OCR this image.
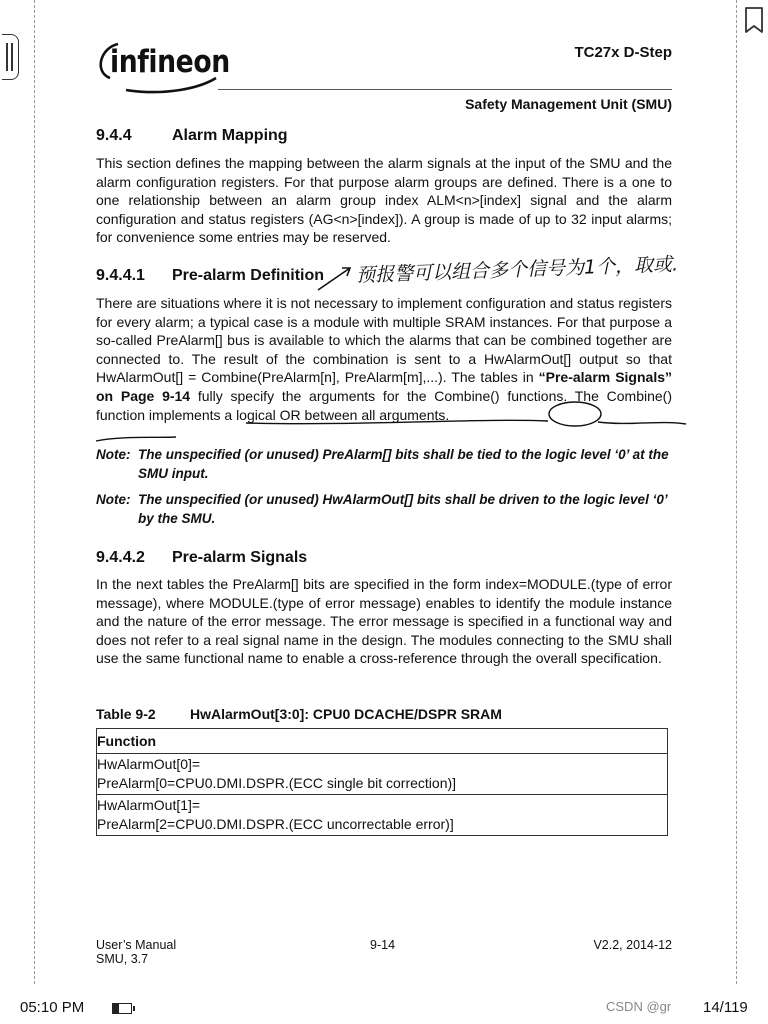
infineon	TC27x D-Step
Safety Management Unit (SMU)
9.4.4	Alarm Mapping

This section defines the mapping between the alarm signals at the input of the SMU and the alarm configuration registers. For that purpose alarm groups are defined. There is a one to one relationship between an alarm group index ALM<n>[index] signal and the alarm configuration and status registers (AG<n>[index]). A group is made of up to 32 input alarms; for convenience some entries may be reserved.

9.4.4.1 Pre-alarm Definition	预报警可以组合多个信号为1个，取或.

There are situations where it is not necessary to implement configuration and status registers for every alarm; a typical case is a module with multiple SRAM instances. For that purpose a so-called PreAlarm[] bus is available to which the alarms that can be combined together are connected to. The result of the combination is sent to a HwAlarmOut[] output so that HwAlarmOut[] = Combine(PreAlarm[n], PreAlarm[m],...). The tables in “Pre-alarm Signals” on Page 9-14 fully specify the arguments for the Combine() functions. The Combine() function implements a logical OR between all arguments.

Note: The unspecified (or unused) PreAlarm[] bits shall be tied to the logic level ‘0’ at the
SMU input.
Note: The unspecified (or unused) HwAlarmOut[] bits shall be driven to the logic level ‘0’
by the SMU.
9.4.4.2 Pre-alarm Signals

In the next tables the PreAlarm[] bits are specified in the form index=MODULE.(type of error message), where MODULE.(type of error message) enables to identify the module instance and the nature of the error message. The error message is specified in a functional way and does not refer to a real signal name in the design. The modules connecting to the SMU shall use the same functional name to enable a cross-reference through the overall specification.

Table 9-2 HwAlarmOut[3:0]: CPU0 DCACHE/DSPR SRAM
Function

HwAlarmOut[0]=
PreAlarm[0=CPU0.DMI.DSPR.(ECC single bit correction)]

HwAlarmOut[1]=
PreAlarm[2=CPU0.DMI.DSPR.(ECC uncorrectable error)]
User’s Manual
SMU, 3.7
9-14	V2.2, 2014-12
05:10 PM	CSDN @gr 14/119
